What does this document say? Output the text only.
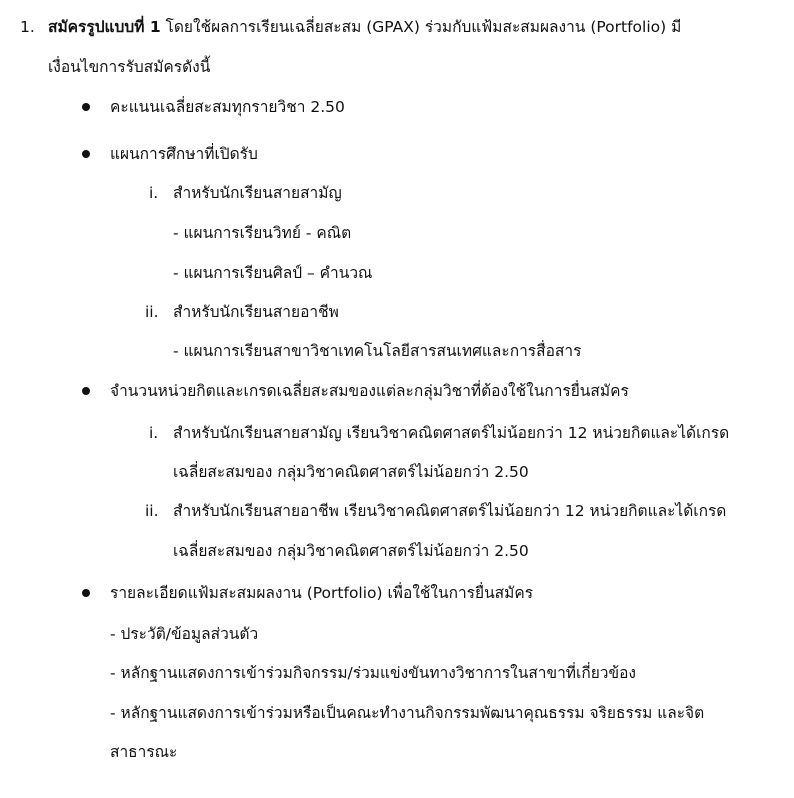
1. สมัครรูปแบบที่ 1 โดยใช้ผลการเรียนเฉลี่ยสะสม (GPAX) ร่วมกับแฟ้มสะสมผลงาน (Portfolio) มี
เงื่อนไขการรับสมัครดังนี้
คะแนนเฉลี่ยสะสมทุกรายวิชา 2.50
แผนการศึกษาที่เปิดรับ
i. สำหรับนักเรียนสายสามัญ
- แผนการเรียนวิทย์ - คณิต
- แผนการเรียนศิลป์ – คำนวณ
ii. สำหรับนักเรียนสายอาชีพ
- แผนการเรียนสาขาวิชาเทคโนโลยีสารสนเทศและการสื่อสาร
จำนวนหน่วยกิตและเกรดเฉลี่ยสะสมของแต่ละกลุ่มวิชาที่ต้องใช้ในการยื่นสมัคร
i. สำหรับนักเรียนสายสามัญ เรียนวิชาคณิตศาสตร์ไม่น้อยกว่า 12 หน่วยกิตและได้เกรด
เฉลี่ยสะสมของ กลุ่มวิชาคณิตศาสตร์ไม่น้อยกว่า 2.50
ii. สำหรับนักเรียนสายอาชีพ เรียนวิชาคณิตศาสตร์ไม่น้อยกว่า 12 หน่วยกิตและได้เกรด
เฉลี่ยสะสมของ กลุ่มวิชาคณิตศาสตร์ไม่น้อยกว่า 2.50
รายละเอียดแฟ้มสะสมผลงาน (Portfolio) เพื่อใช้ในการยื่นสมัคร
- ประวัติ/ข้อมูลส่วนตัว
- หลักฐานแสดงการเข้าร่วมกิจกรรม/ร่วมแข่งขันทางวิชาการในสาขาที่เกี่ยวข้อง
- หลักฐานแสดงการเข้าร่วมหรือเป็นคณะทำงานกิจกรรมพัฒนาคุณธรรม จริยธรรม และจิต
สาธารณะ
